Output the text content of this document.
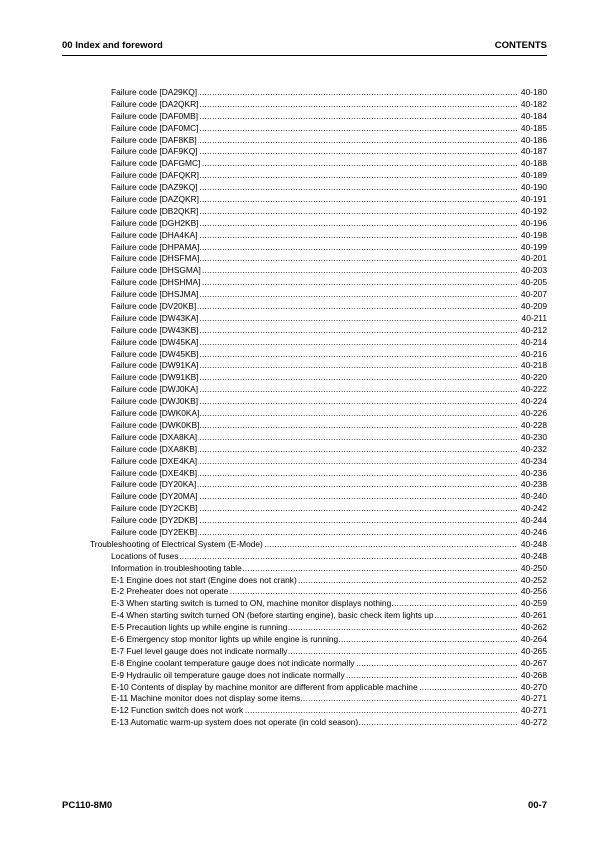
00 Index and foreword	CONTENTS
Failure code [DA29KQ] .....	40-180
Failure code [DA2QKR] .....	40-182
Failure code [DAF0MB] .....	40-184
Failure code [DAF0MC] .....	40-185
Failure code [DAF8KB] .....	40-186
Failure code [DAF9KQ] .....	40-187
Failure code [DAFGMC] .....	40-188
Failure code [DAFQKR] .....	40-189
Failure code [DAZ9KQ] .....	40-190
Failure code [DAZQKR] .....	40-191
Failure code [DB2QKR] .....	40-192
Failure code [DGH2KB] .....	40-196
Failure code [DHA4KA] .....	40-198
Failure code [DHPAMA] .....	40-199
Failure code [DHSFMA] .....	40-201
Failure code [DHSGMA] .....	40-203
Failure code [DHSHMA] .....	40-205
Failure code [DHSJMA] .....	40-207
Failure code [DV20KB] .....	40-209
Failure code [DW43KA] .....	40-211
Failure code [DW43KB] .....	40-212
Failure code [DW45KA] .....	40-214
Failure code [DW45KB] .....	40-216
Failure code [DW91KA] .....	40-218
Failure code [DW91KB] .....	40-220
Failure code [DWJ0KA] .....	40-222
Failure code [DWJ0KB] .....	40-224
Failure code [DWK0KA] .....	40-226
Failure code [DWK0KB] .....	40-228
Failure code [DXA8KA] .....	40-230
Failure code [DXA8KB] .....	40-232
Failure code [DXE4KA] .....	40-234
Failure code [DXE4KB] .....	40-236
Failure code [DY20KA] .....	40-238
Failure code [DY20MA] .....	40-240
Failure code [DY2CKB] .....	40-242
Failure code [DY2DKB] .....	40-244
Failure code [DY2EKB] .....	40-246
Troubleshooting of Electrical System (E-Mode) .....	40-248
Locations of fuses .....	40-248
Information in troubleshooting table .....	40-250
E-1 Engine does not start (Engine does not crank) .....	40-252
E-2 Preheater does not operate .....	40-256
E-3 When starting switch is turned to ON, machine monitor displays nothing. .....	40-259
E-4 When starting switch turned ON (before starting engine), basic check item lights up .....	40-261
E-5 Precaution lights up while engine is running .....	40-262
E-6 Emergency stop monitor lights up while engine is running .....	40-264
E-7 Fuel level gauge does not indicate normally .....	40-265
E-8 Engine coolant temperature gauge does not indicate normally .....	40-267
E-9 Hydraulic oil temperature gauge does not indicate normally .....	40-268
E-10 Contents of display by machine monitor are different from applicable machine .....	40-270
E-11 Machine monitor does not display some items .....	40-271
E-12 Function switch does not work .....	40-271
E-13 Automatic warm-up system does not operate (in cold season) .....	40-272
PC110-8M0	00-7
